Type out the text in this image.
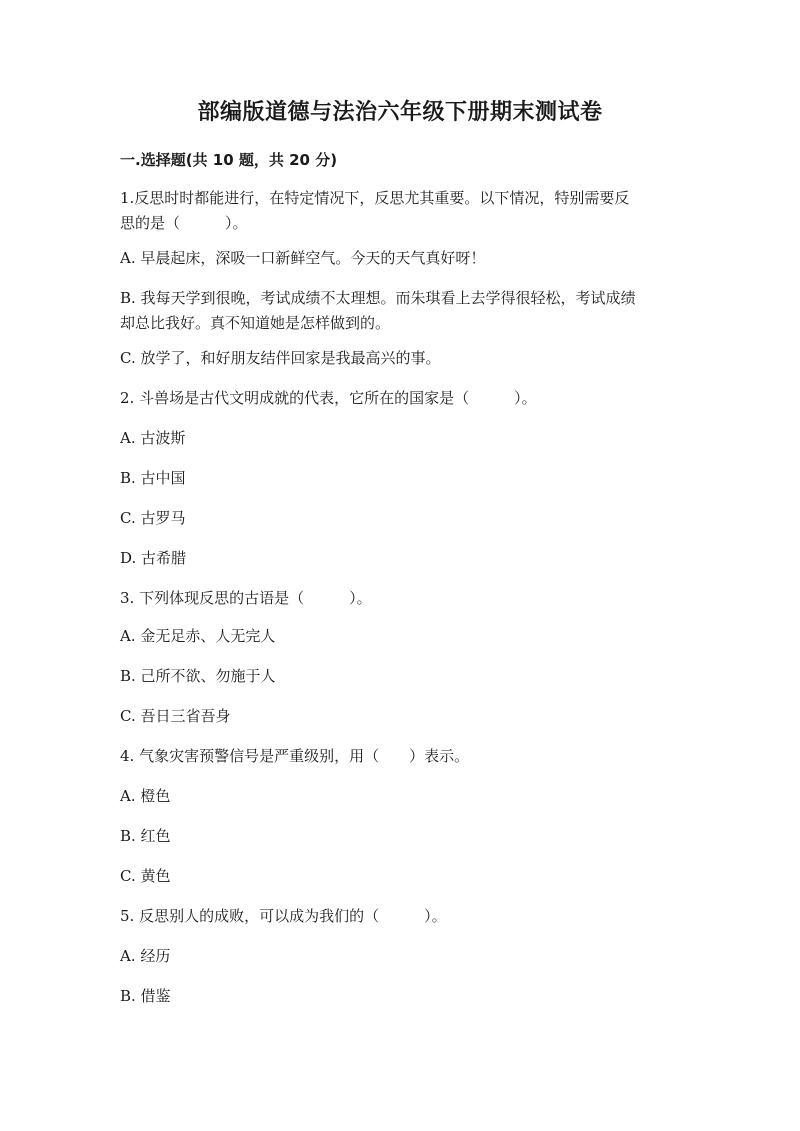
部编版道德与法治六年级下册期末测试卷
一.选择题(共 10 题，共 20 分)
1.反思时时都能进行，在特定情况下，反思尤其重要。以下情况，特别需要反
思的是（　　　）。
A. 早晨起床，深吸一口新鲜空气。今天的天气真好呀！
B. 我每天学到很晚，考试成绩不太理想。而朱琪看上去学得很轻松，考试成绩
却总比我好。真不知道她是怎样做到的。
C. 放学了，和好朋友结伴回家是我最高兴的事。
2. 斗兽场是古代文明成就的代表，它所在的国家是（　　　）。
A. 古波斯
B. 古中国
C. 古罗马
D. 古希腊
3. 下列体现反思的古语是（　　　）。
A. 金无足赤、人无完人
B. 己所不欲、勿施于人
C. 吾日三省吾身
4. 气象灾害预警信号是严重级别，用（　　）表示。
A. 橙色
B. 红色
C. 黄色
5. 反思别人的成败，可以成为我们的（　　　）。
A. 经历
B. 借鉴
